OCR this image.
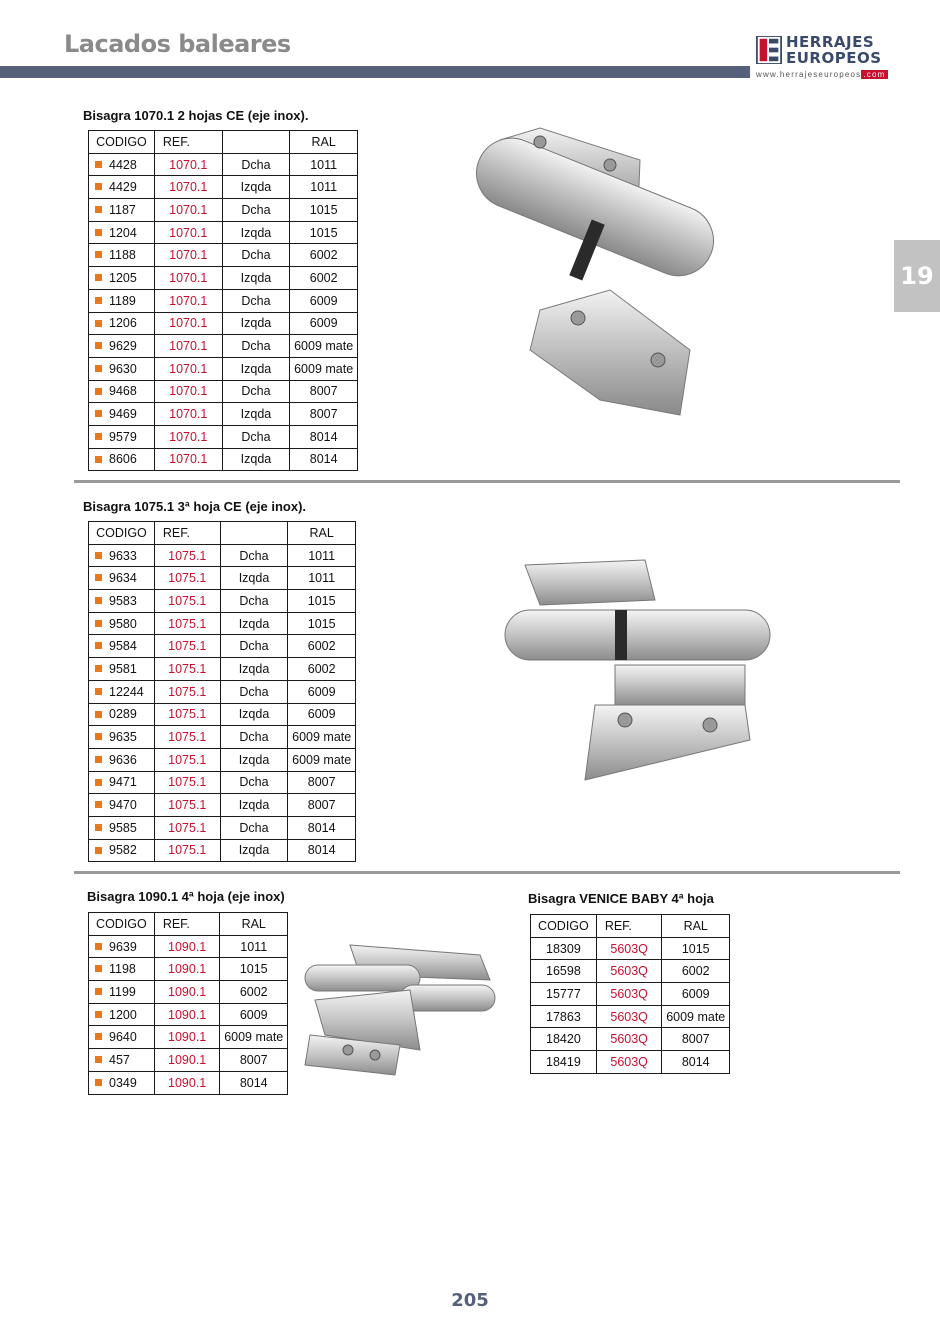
Lacados baleares	HERRAJES
EUROPEOS
www.herrajeseuropeos .com
19
Bisagra 1070.1 2 hojas CE (eje inox).
CODIGO	REF.		RAL
4428	1070.1	Dcha	1011
4429	1070.1	Izqda	1011
1187	1070.1	Dcha	1015
1204	1070.1	Izqda	1015
1188	1070.1	Dcha	6002
1205	1070.1	Izqda	6002
1189	1070.1	Dcha	6009
1206	1070.1	Izqda	6009
9629	1070.1	Dcha	6009 mate
9630	1070.1	Izqda	6009 mate
9468	1070.1	Dcha	8007
9469	1070.1	Izqda	8007
9579	1070.1	Dcha	8014
8606	1070.1	Izqda	8014
Bisagra 1075.1 3ª hoja CE (eje inox).
CODIGO	REF.		RAL
9633	1075.1	Dcha	1011
9634	1075.1	Izqda	1011
9583	1075.1	Dcha	1015
9580	1075.1	Izqda	1015
9584	1075.1	Dcha	6002
9581	1075.1	Izqda	6002
12244	1075.1	Dcha	6009
0289	1075.1	Izqda	6009
9635	1075.1	Dcha	6009 mate
9636	1075.1	Izqda	6009 mate
9471	1075.1	Dcha	8007
9470	1075.1	Izqda	8007
9585	1075.1	Dcha	8014
9582	1075.1	Izqda	8014
Bisagra 1090.1 4ª hoja (eje inox)
CODIGO	REF.	RAL
9639	1090.1	1011
1198	1090.1	1015
1199	1090.1	6002
1200	1090.1	6009
9640	1090.1	6009 mate
457	1090.1	8007
0349	1090.1	8014
Bisagra VENICE BABY 4ª hoja
CODIGO	REF.	RAL
18309	5603Q	1015
16598	5603Q	6002
15777	5603Q	6009
17863	5603Q	6009 mate
18420	5603Q	8007
18419	5603Q	8014
205
